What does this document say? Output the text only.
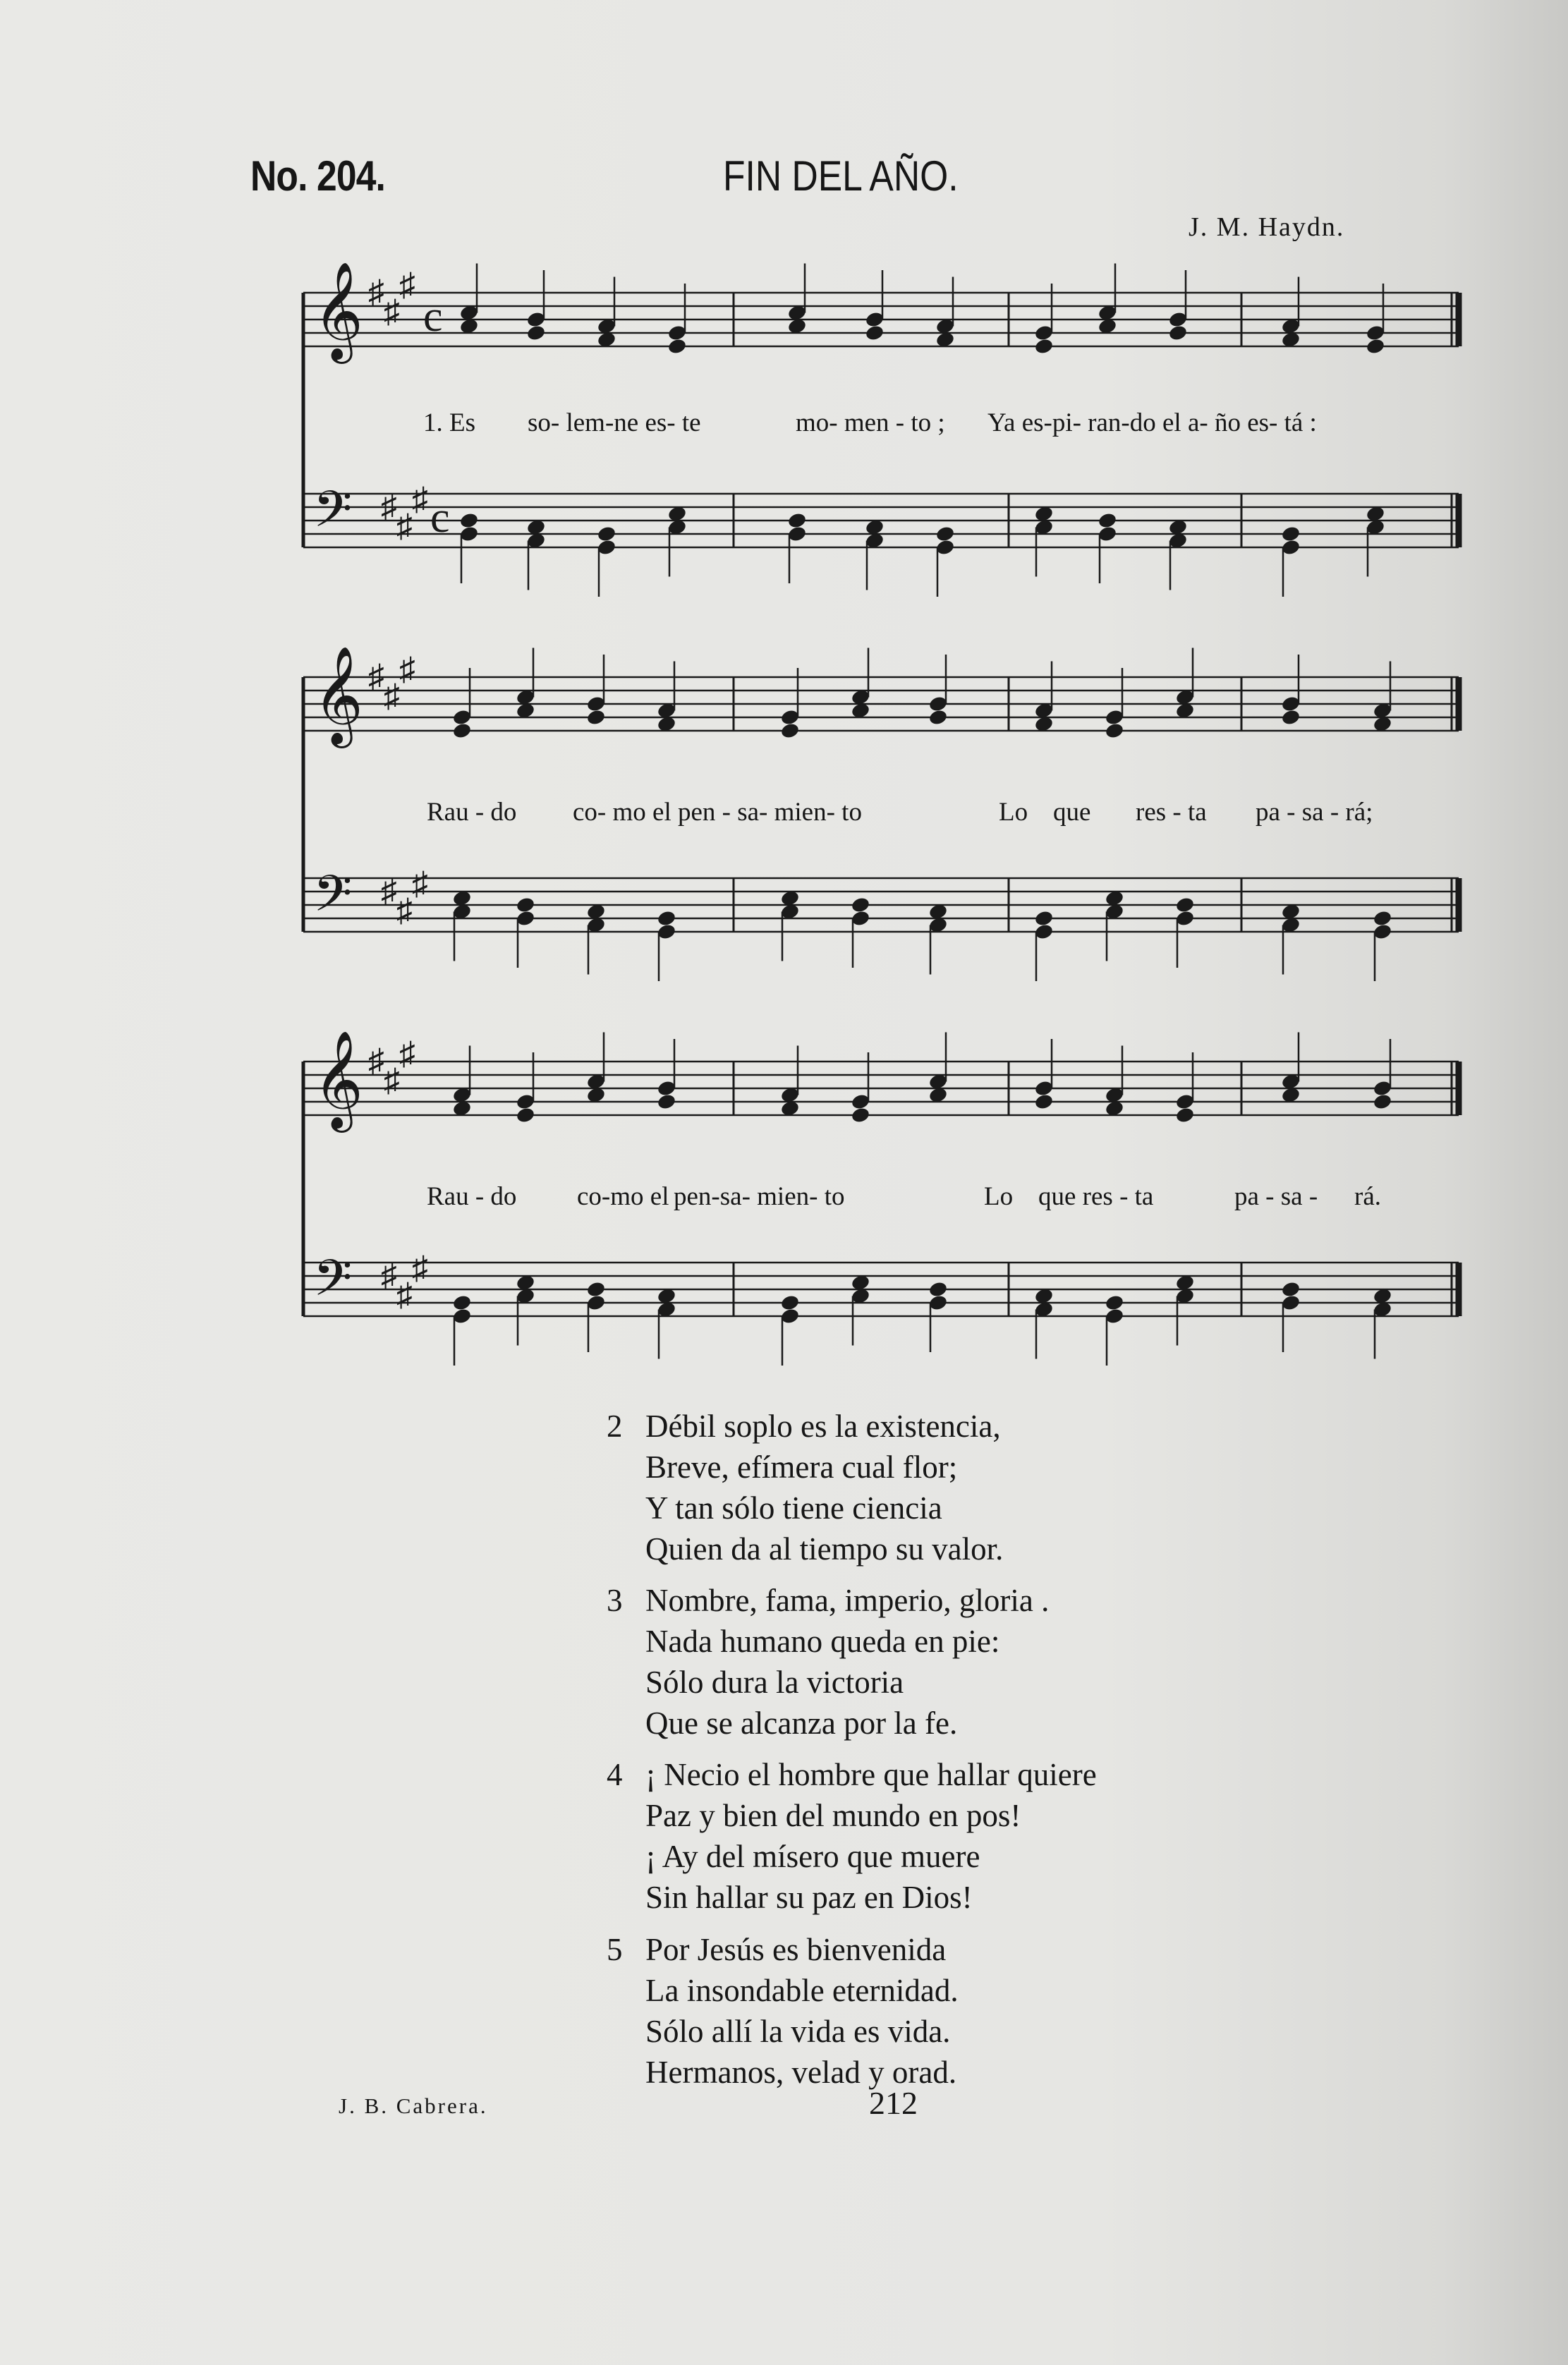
No. 204.	FIN DEL AÑO.
J. M. Haydn.
𝄞 ♯
♯
♯
c
𝄢 ♯
♯
♯ c
𝄞 ♯
♯
♯
𝄢 ♯
♯
♯
𝄞 ♯
♯
♯
𝄢 ♯
♯
♯
1. Es so- lem-ne es- te	mo- men - to ; Ya es-pi- ran-do el a- ño es- tá :
Rau - do co- mo el pen - sa- mien- to	Lo que res - ta pa - sa - rá;
Rau - do co-mo el pen-sa- mien- to	Lo que res - ta	pa - sa - rá.
2 Débil soplo es la existencia,
Breve, efímera cual flor;
Y tan sólo tiene ciencia
Quien da al tiempo su valor.
3 Nombre, fama, imperio, gloria .
Nada humano queda en pie:
Sólo dura la victoria
Que se alcanza por la fe.
4 ¡ Necio el hombre que hallar quiere
Paz y bien del mundo en pos!
¡ Ay del mísero que muere
Sin hallar su paz en Dios!
5 Por Jesús es bienvenida
La insondable eternidad.
Sólo allí la vida es vida.
Hermanos, velad y orad.
J. B. Cabrera.	212
